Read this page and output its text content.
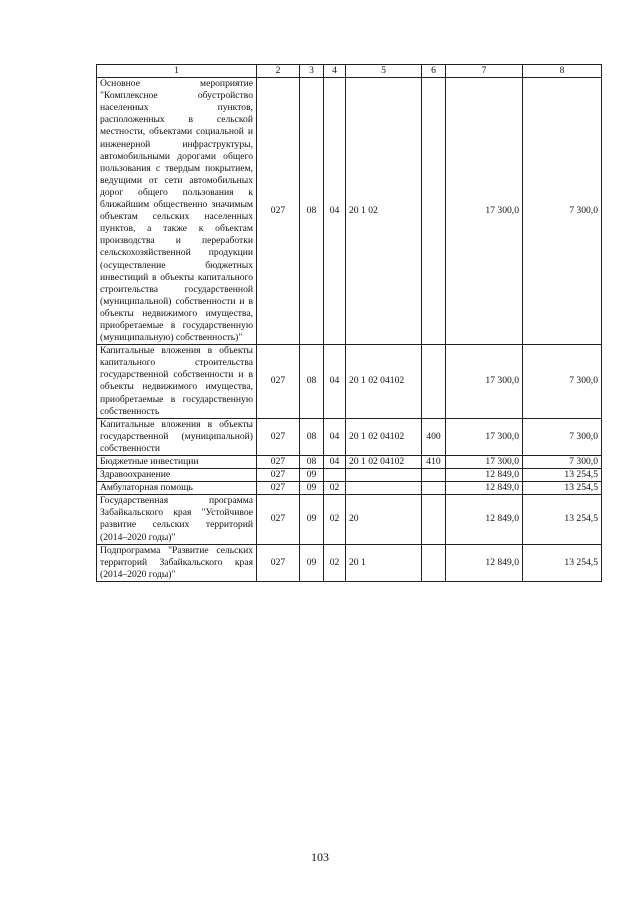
1	2	3	4	5	6	7	8
Основное мероприятие "Комплексное обустройство населенных пунктов, расположенных в сельской местности, объектами социальной и инженерной инфраструктуры, автомобильными дорогами общего пользования с твердым покрытием, ведущими от сети автомобильных дорог общего пользования к ближайшим общественно значимым объектам сельских населенных пунктов, а также к объектам производства и переработки сельскохозяйственной продукции (осуществление бюджетных инвестиций в объекты капитального строительства государственной (муниципальной) собственности и в объекты недвижимого имущества, приобретаемые в государственную (муниципальную) собственность)"	027	08	04	20 1 02		17 300,0	7 300,0
Капитальные вложения в объекты капитального строительства государственной собственности и в объекты недвижимого имущества, приобретаемые в государственную собственность	027	08	04	20 1 02 04102		17 300,0	7 300,0
Капитальные вложения в объекты государственной (муниципальной) собственности	027	08	04	20 1 02 04102	400	17 300,0	7 300,0
Бюджетные инвестиции	027	08	04	20 1 02 04102	410	17 300,0	7 300,0
Здравоохранение	027	09				12 849,0	13 254,5
Амбулаторная помощь	027	09	02			12 849,0	13 254,5
Государственная программа Забайкальского края "Устойчивое развитие сельских территорий (2014–2020 годы)"	027	09	02	20		12 849,0	13 254,5
Подпрограмма "Развитие сельских территорий Забайкальского края (2014–2020 годы)"	027	09	02	20 1		12 849,0	13 254,5
103
